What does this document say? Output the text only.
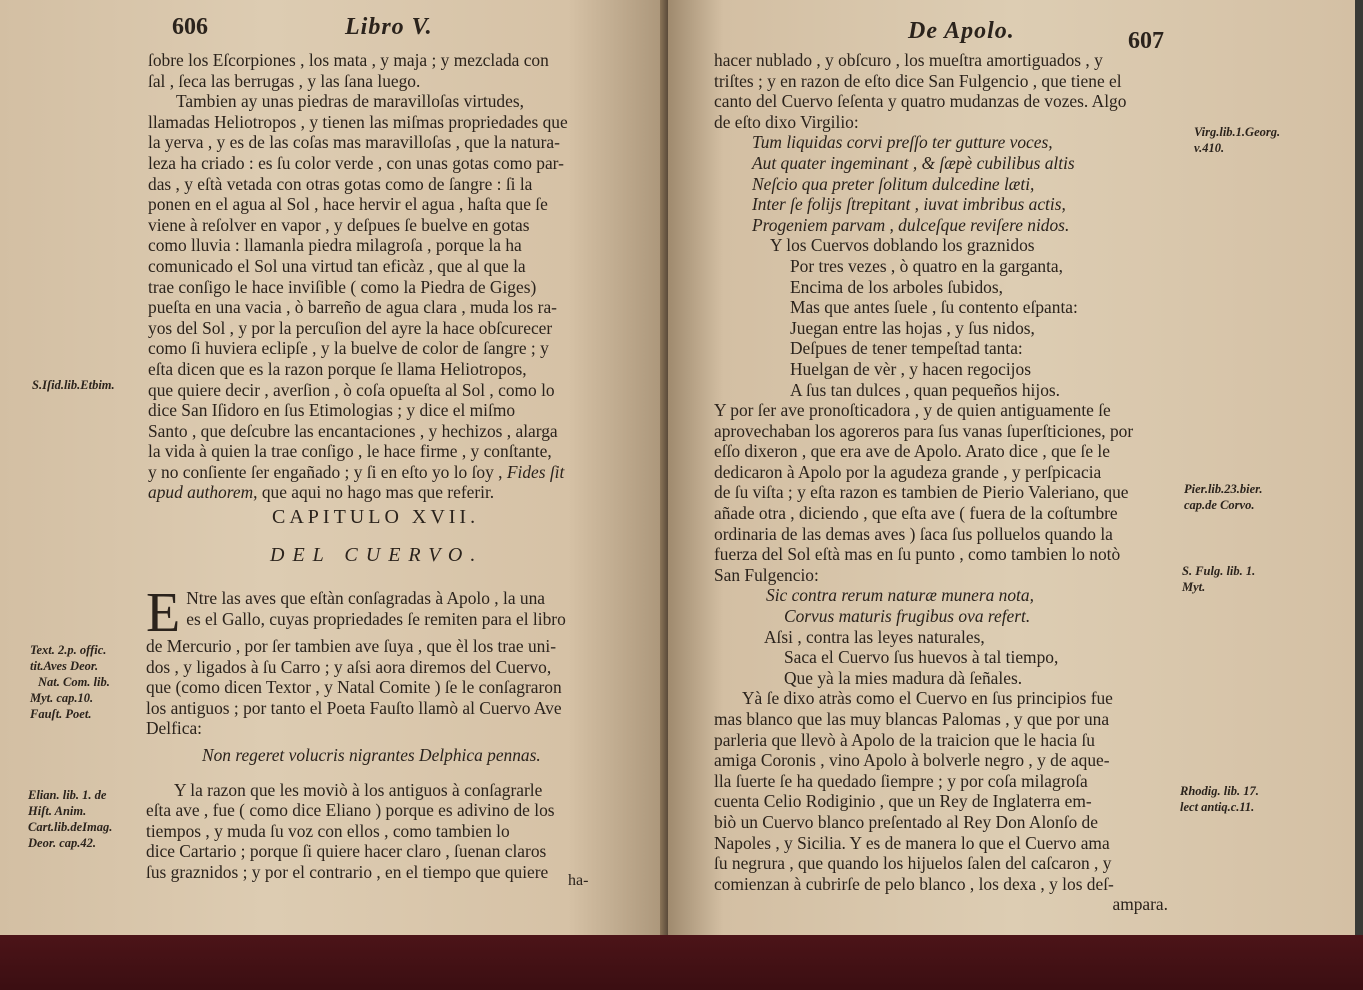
606	Libro V.
S.Iſid.lib.Etbim.
Text. 2.p. offic.
tit.Aves Deor.
Nat. Com. lib.
Myt. cap.10.
Fauſt. Poet.
Elian. lib. 1. de
Hiſt. Anim.
Cart.lib.deImag.
Deor. cap.42.

ſobre los Eſcorpiones , los mata , y maja ; y mezclada con

ſal , ſeca las berrugas , y las ſana luego.

Tambien ay unas piedras de maravilloſas virtudes,

llamadas Heliotropos , y tienen las miſmas propriedades que

la yerva , y es de las coſas mas maravilloſas , que la natura-

leza ha criado : es ſu color verde , con unas gotas como par-

das , y eſtà vetada con otras gotas como de ſangre : ſi la

ponen en el agua al Sol , hace hervir el agua , haſta que ſe

viene à reſolver en vapor , y deſpues ſe buelve en gotas

como lluvia : llamanla piedra milagroſa , porque la ha

comunicado el Sol una virtud tan eficàz , que al que la

trae conſigo le hace inviſible ( como la Piedra de Giges)

pueſta en una vacia , ò barreño de agua clara , muda los ra-

yos del Sol , y por la percuſion del ayre la hace obſcurecer

como ſi huviera eclipſe , y la buelve de color de ſangre ; y

eſta dicen que es la razon porque ſe llama Heliotropos,

que quiere decir , averſion , ò coſa opueſta al Sol , como lo

dice San Iſidoro en ſus Etimologias ; y dice el miſmo

Santo , que deſcubre las encantaciones , y hechizos , alarga

la vida à quien la trae conſigo , le hace firme , y conſtante,

y no conſiente ſer engañado ; y ſi en eſto yo lo ſoy , Fides ſit

apud authorem, que aqui no hago mas que referir.

CAPITULO XVII.
DEL CUERVO.
E Ntre las aves que eſtàn conſagradas à Apolo , la una

es el Gallo, cuyas propriedades ſe remiten para el libro

de Mercurio , por ſer tambien ave ſuya , que èl los trae uni-

dos , y ligados à ſu Carro ; y aſsi aora diremos del Cuervo,

que (como dicen Textor , y Natal Comite ) ſe le conſagraron

los antiguos ; por tanto el Poeta Fauſto llamò al Cuervo Ave

Delfica:

Non regeret volucris nigrantes Delphica pennas.

Y la razon que les moviò à los antiguos à conſagrarle

eſta ave , fue ( como dice Eliano ) porque es adivino de los

tiempos , y muda ſu voz con ellos , como tambien lo

dice Cartario ; porque ſi quiere hacer claro , ſuenan claros

ſus graznidos ; y por el contrario , en el tiempo que quiere	ha-
De Apolo.	607
Virg.lib.1.Georg.
v.410.
Pier.lib.23.bier.
cap.de Corvo.
S. Fulg. lib. 1.
Myt.
Rhodig. lib. 17.
lect antiq.c.11.

hacer nublado , y obſcuro , los mueſtra amortiguados , y

triſtes ; y en razon de eſto dice San Fulgencio , que tiene el

canto del Cuervo ſeſenta y quatro mudanzas de vozes. Algo

de eſto dixo Virgilio:

Tum liquidas corvi preſſo ter gutture voces,

Aut quater ingeminant , & ſæpè cubilibus altis

Neſcio qua preter ſolitum dulcedine læti,

Inter ſe folijs ſtrepitant , iuvat imbribus actis,

Progeniem parvam , dulceſque reviſere nidos.

Y los Cuervos doblando los graznidos

Por tres vezes , ò quatro en la garganta,

Encima de los arboles ſubidos,

Mas que antes ſuele , ſu contento eſpanta:

Juegan entre las hojas , y ſus nidos,

Deſpues de tener tempeſtad tanta:

Huelgan de vèr , y hacen regocijos

A ſus tan dulces , quan pequeños hijos.

Y por ſer ave pronoſticadora , y de quien antiguamente ſe

aprovechaban los agoreros para ſus vanas ſuperſticiones, por

eſſo dixeron , que era ave de Apolo. Arato dice , que ſe le

dedicaron à Apolo por la agudeza grande , y perſpicacia

de ſu viſta ; y eſta razon es tambien de Pierio Valeriano, que

añade otra , diciendo , que eſta ave ( fuera de la coſtumbre

ordinaria de las demas aves ) ſaca ſus polluelos quando la

fuerza del Sol eſtà mas en ſu punto , como tambien lo notò

San Fulgencio:

Sic contra rerum naturæ munera nota,

Corvus maturis frugibus ova refert.

Aſsi , contra las leyes naturales,

Saca el Cuervo ſus huevos à tal tiempo,

Que yà la mies madura dà ſeñales.

Yà ſe dixo atràs como el Cuervo en ſus principios fue

mas blanco que las muy blancas Palomas , y que por una

parleria que llevò à Apolo de la traicion que le hacia ſu

amiga Coronis , vino Apolo à bolverle negro , y de aque-

lla ſuerte ſe ha quedado ſiempre ; y por coſa milagroſa

cuenta Celio Rodiginio , que un Rey de Inglaterra em-

biò un Cuervo blanco preſentado al Rey Don Alonſo de

Napoles , y Sicilia. Y es de manera lo que el Cuervo ama

ſu negrura , que quando los hijuelos ſalen del caſcaron , y

comienzan à cubrirſe de pelo blanco , los dexa , y los deſ-

ampara.
